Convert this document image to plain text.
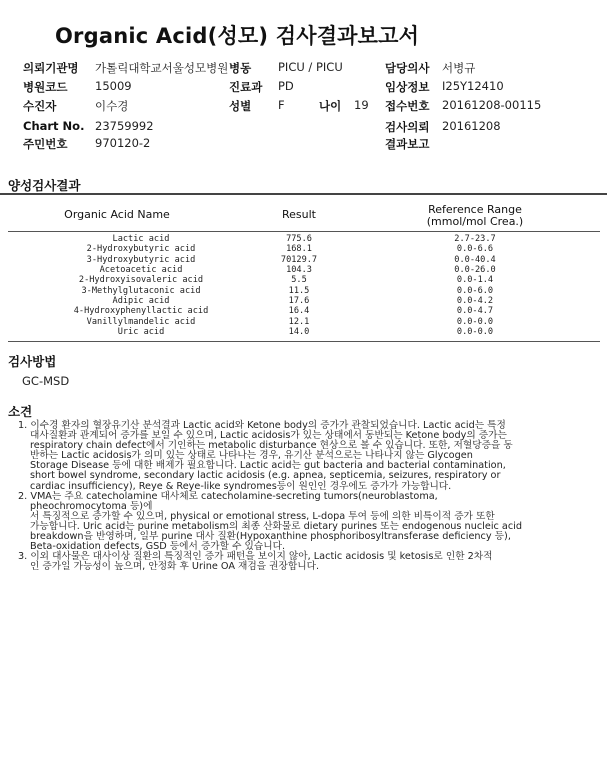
Organic Acid(성모) 검사결과보고서
의뢰기관명 가톨릭대학교서울성모병원 병동 PICU / PICU	담당의사 서병규
병원코드 15009	진료과 PD	임상정보 I25Y12410
수진자	이수경	성별 F	나이 19 접수번호 20161208-00115
Chart No. 23759992	검사의뢰 20161208
주민번호 970120-2	결과보고
양성검사결과
Organic Acid Name	Result	Reference Range
(mmol/mol Crea.)
Lactic acid	775.6	2.7-23.7
2-Hydroxybutyric acid	168.1	0.0-6.6
3-Hydroxybutyric acid	70129.7	0.0-40.4
Acetoacetic acid	104.3	0.0-26.0
2-Hydroxyisovaleric acid	5.5	0.0-1.4
3-Methylglutaconic acid	11.5	0.0-6.0
Adipic acid	17.6	0.0-4.2
4-Hydroxyphenyllactic acid	16.4	0.0-4.7
Vanillylmandelic acid	12.1	0.0-0.0
Uric acid	14.0	0.0-0.0
검사방법
GC-MSD
소견
1. 이수경 환자의 혈장유기산 분석결과 Lactic acid와 Ketone body의 증가가 관찰되었습니다. Lactic acid는 특정
대사질환과 관계되어 증가를 보일 수 있으며, Lactic acidosis가 있는 상태에서 동반되는 Ketone body의 증가는
respiratory chain defect에서 기인하는 metabolic disturbance 현상으로 볼 수 있습니다. 또한, 저혈당증을 동
반하는 Lactic acidosis가 의미 있는 상태로 나타나는 경우, 유기산 분석으로는 나타나지 않는 Glycogen
Storage Disease 등에 대한 배제가 필요합니다. Lactic acid는 gut bacteria and bacterial contamination,
short bowel syndrome, secondary lactic acidosis (e.g. apnea, septicemia, seizures, respiratory or
cardiac insufficiency), Reye & Reye-like syndromes등이 원인인 경우에도 증가가 가능합니다.
2. VMA는 주요 catecholamine 대사체로 catecholamine-secreting tumors(neuroblastoma,
pheochromocytoma 등)에
서 특징적으로 증가할 수 있으며, physical or emotional stress, L-dopa 투여 등에 의한 비특이적 증가 또한
가능합니다. Uric acid는 purine metabolism의 최종 산화물로 dietary purines 또는 endogenous nucleic acid
breakdown을 반영하며, 일부 purine 대사 질환(Hypoxanthine phosphoribosyltransferase deficiency 등),
Beta-oxidation defects, GSD 등에서 증가할 수 있습니다.
3. 이외 대사물은 대사이상 질환의 특징적인 증가 패턴을 보이지 않아, Lactic acidosis 및 ketosis로 인한 2차적
인 증가일 가능성이 높으며, 안정화 후 Urine OA 재검을 권장합니다.
